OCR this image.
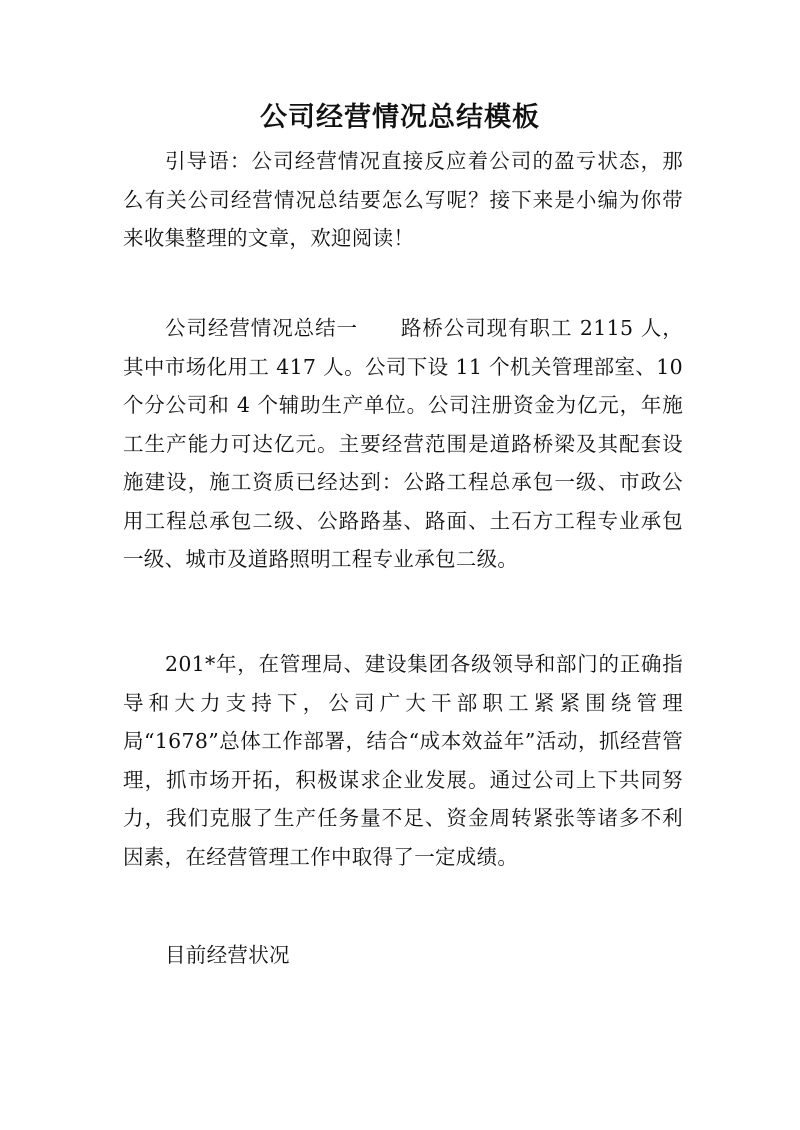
公司经营情况总结模板

引导语：公司经营情况直接反应着公司的盈亏状态，那么有关公司经营情况总结要怎么写呢？接下来是小编为你带来收集整理的文章，欢迎阅读！

公司经营情况总结一　　路桥公司现有职工 2115 人，其中市场化用工 417 人。公司下设 11 个机关管理部室、10 个分公司和 4 个辅助生产单位。公司注册资金为亿元，年施工生产能力可达亿元。主要经营范围是道路桥梁及其配套设施建设，施工资质已经达到：公路工程总承包一级、市政公用工程总承包二级、公路路基、路面、土石方工程专业承包一级、城市及道路照明工程专业承包二级。

201*年，在管理局、建设集团各级领导和部门的正确指导和大力支持下，公司广大干部职工紧紧围绕管理局“1678”总体工作部署，结合“成本效益年”活动，抓经营管理，抓市场开拓，积极谋求企业发展。通过公司上下共同努力，我们克服了生产任务量不足、资金周转紧张等诸多不利因素，在经营管理工作中取得了一定成绩。

目前经营状况
